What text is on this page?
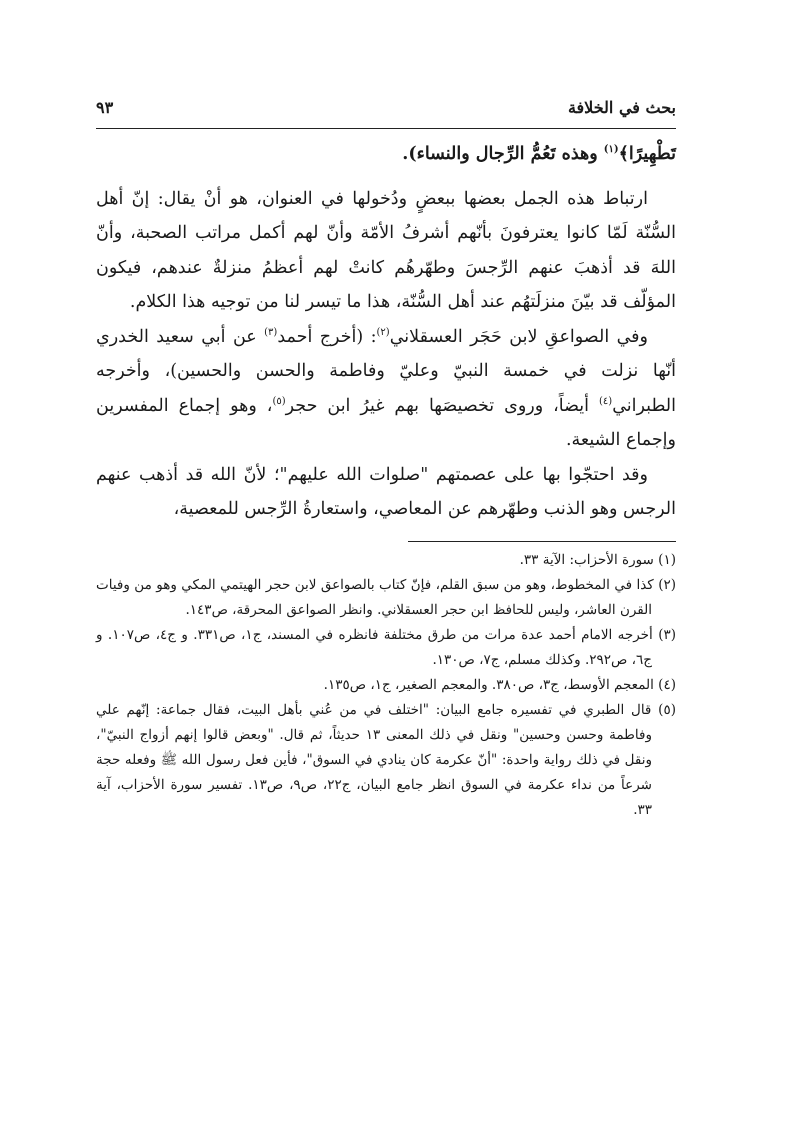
بحث في الخلافة
٩٣

تَطْهِيرًا﴾$^{(١)}$ وهذه تَعُمُّ الرِّجال والنساء).

ارتباط هذه الجمل بعضها ببعضٍ ودُخولها في العنوان، هو أنْ يقال: إنّ أهل السُّنّة لَمّا كانوا يعترفونَ بأنّهم أشرفُ الأمّة وأنّ لهم أكمل مراتب الصحبة، وأنّ اللهَ قد أذهبَ عنهم الرِّجسَ وطهّرهُم كانتْ لهم أعظمُ منزلةٌ عندهم، فيكون المؤلّف قد بيّنَ منزلَتهُم عند أهل السُّنّة، هذا ما تيسر لنا من توجيه هذا الكلام.

وفي الصواعقِ لابن حَجَر العسقلاني$^{(٢)}$: (أخرج أحمد$^{(٣)}$ عن أبي سعيد الخدري أنّها نزلت في خمسة النبيّ وعليّ وفاطمة والحسن والحسين)، وأخرجه الطبراني$^{(٤)}$ أيضاً، وروى تخصيصَها بهم غيرُ ابن حجر$^{(٥)}$، وهو إجماع المفسرين وإجماع الشيعة.

وقد احتجّوا بها على عصمتهم "صلوات الله عليهم"؛ لأنّ الله قد أذهب عنهم الرجس وهو الذنب وطهّرهم عن المعاصي، واستعارةُ الرِّجس للمعصية،

(١) سورة الأحزاب: الآية ٣٣.

(٢) كذا في المخطوط، وهو من سبق القلم، فإنّ كتاب بالصواعق لابن حجر الهيتمي المكي وهو من وفيات القرن العاشر، وليس للحافظ ابن حجر العسقلاني. وانظر الصواعق المحرقة، ص١٤٣.

(٣) أخرجه الامام أحمد عدة مرات من طرق مختلفة فانظره في المسند، ج١، ص٣٣١. و ج٤، ص١٠٧. و ج٦، ص٢٩٢. وكذلك مسلم، ج٧، ص١٣٠.

(٤) المعجم الأوسط، ج٣، ص٣٨٠. والمعجم الصغير، ج١، ص١٣٥.

(٥) قال الطبري في تفسيره جامع البيان: "اختلف في من عُني بأهل البيت، فقال جماعة: إنّهم علي وفاطمة وحسن وحسين" ونقل في ذلك المعنى ١٣ حديثاً، ثم قال. "وبعض قالوا إنهم أزواج النبيّ"، ونقل في ذلك رواية واحدة: "أنّ عكرمة كان ينادي في السوق"، فأين فعل رسول الله ﷺ وفعله حجة شرعاً من نداء عكرمة في السوق انظر جامع البيان، ج٢٢، ص٩، ص١٣. تفسير سورة الأحزاب، آية ٣٣.
